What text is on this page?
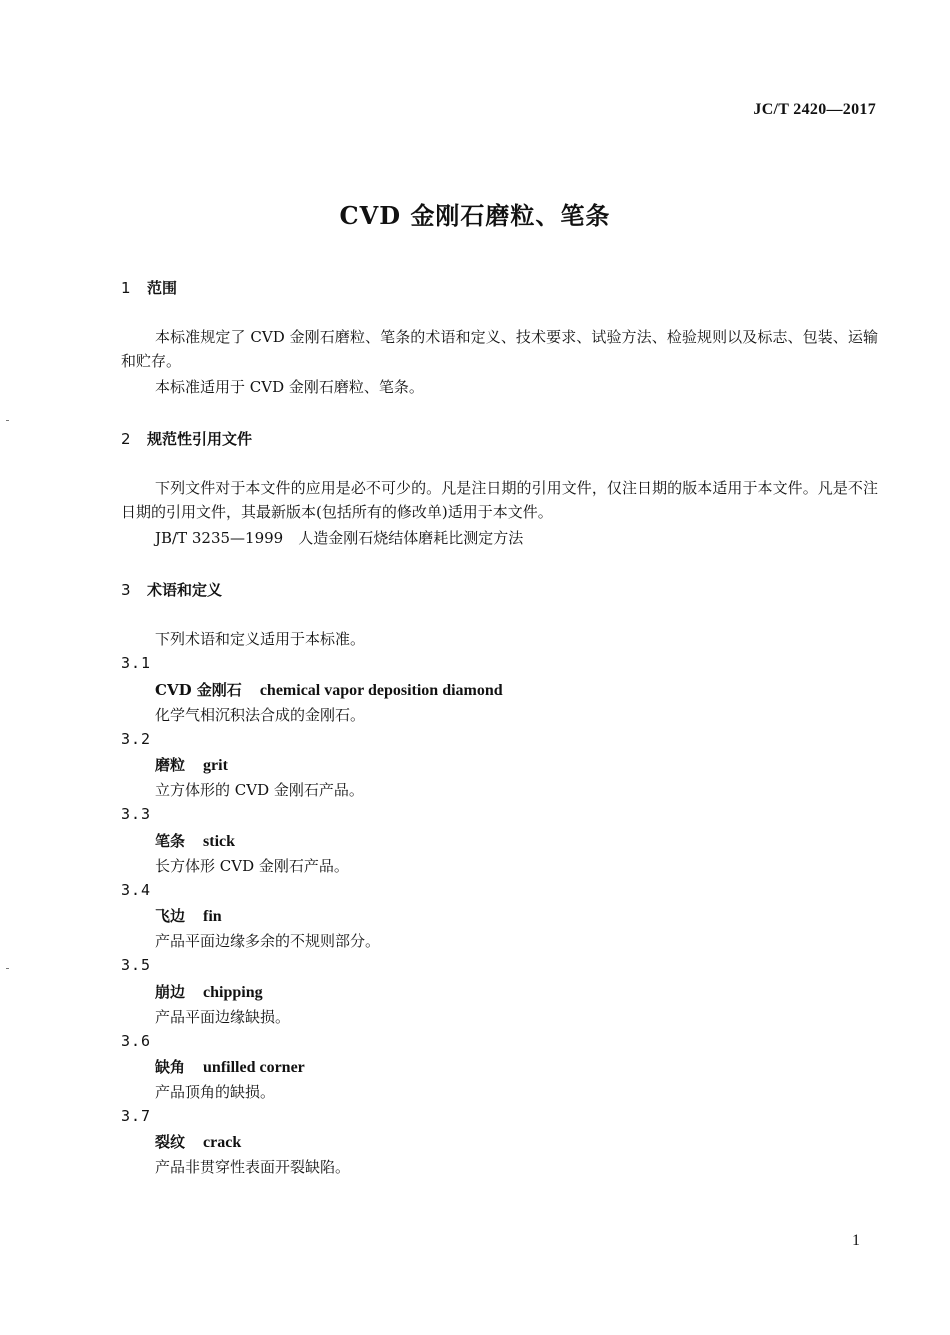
JC/T 2420—2017
CVD 金刚石磨粒、笔条
1 范围
本标准规定了 CVD 金刚石磨粒、笔条的术语和定义、技术要求、试验方法、检验规则以及标志、包装、运输和贮存。
本标准适用于 CVD 金刚石磨粒、笔条。
2 规范性引用文件
下列文件对于本文件的应用是必不可少的。凡是注日期的引用文件，仅注日期的版本适用于本文件。凡是不注日期的引用文件，其最新版本(包括所有的修改单)适用于本文件。
JB/T 3235—1999　人造金刚石烧结体磨耗比测定方法
3 术语和定义
下列术语和定义适用于本标准。
3.1
CVD 金刚石 chemical vapor deposition diamond
化学气相沉积法合成的金刚石。
3.2
磨粒 grit
立方体形的 CVD 金刚石产品。
3.3
笔条 stick
长方体形 CVD 金刚石产品。
3.4
飞边 fin
产品平面边缘多余的不规则部分。
3.5
崩边 chipping
产品平面边缘缺损。
3.6
缺角 unfilled corner
产品顶角的缺损。
3.7
裂纹 crack
产品非贯穿性表面开裂缺陷。
1
